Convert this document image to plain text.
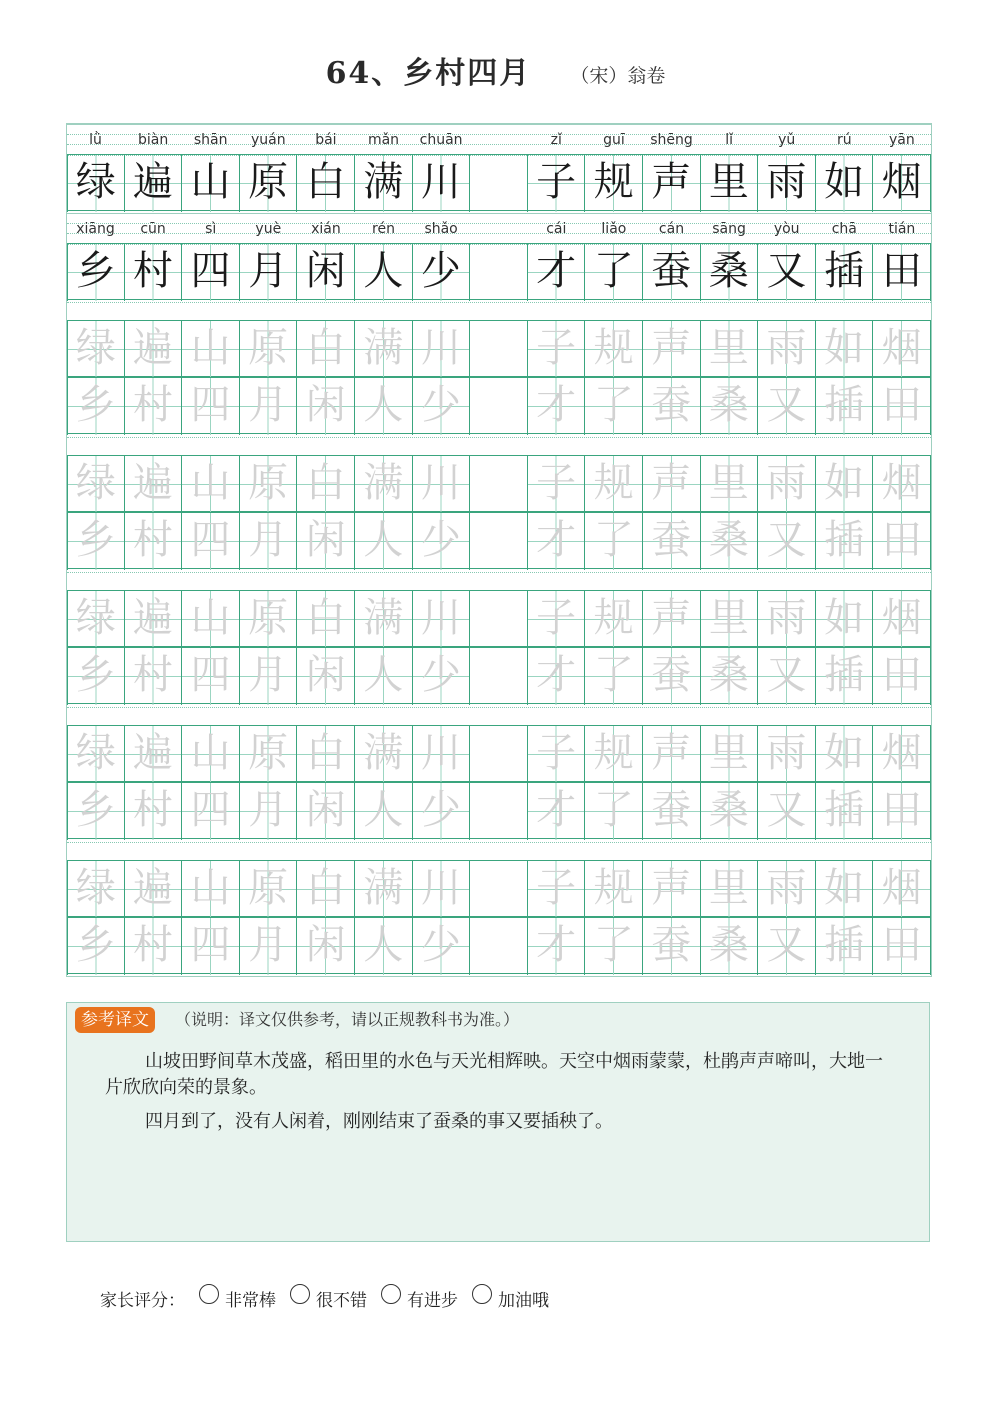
64、乡村四月 （宋）翁卷
lǜ	biàn	shān	yuán	bái	mǎn	chuān	zǐ	guī	shēng	lǐ	yǔ	rú	yān
绿 遍 山 原 白 满 川 子 规 声 里 雨 如 烟
xiāng	cūn	sì	yuè	xián	rén	shǎo	cái	liǎo	cán	sāng	yòu	chā	tián
乡 村 四 月 闲 人 少 才 了 蚕 桑 又 插 田
绿 遍 山 原 白 满 川 子 规 声 里 雨 如 烟
乡 村 四 月 闲 人 少 才 了 蚕 桑 又 插 田
绿 遍 山 原 白 满 川 子 规 声 里 雨 如 烟
乡 村 四 月 闲 人 少 才 了 蚕 桑 又 插 田
绿 遍 山 原 白 满 川 子 规 声 里 雨 如 烟
乡 村 四 月 闲 人 少 才 了 蚕 桑 又 插 田
绿 遍 山 原 白 满 川 子 规 声 里 雨 如 烟
乡 村 四 月 闲 人 少 才 了 蚕 桑 又 插 田
绿 遍 山 原 白 满 川 子 规 声 里 雨 如 烟
乡 村 四 月 闲 人 少 才 了 蚕 桑 又 插 田
参考译文	（说明：译文仅供参考，请以正规教科书为准。）
山坡田野间草木茂盛，稻田里的水色与天光相辉映。天空中烟雨蒙蒙，杜鹃声声啼叫，大地一片欣欣向荣的景象。
四月到了，没有人闲着，刚刚结束了蚕桑的事又要插秧了。
家长评分： 非常棒 很不错 有进步 加油哦
